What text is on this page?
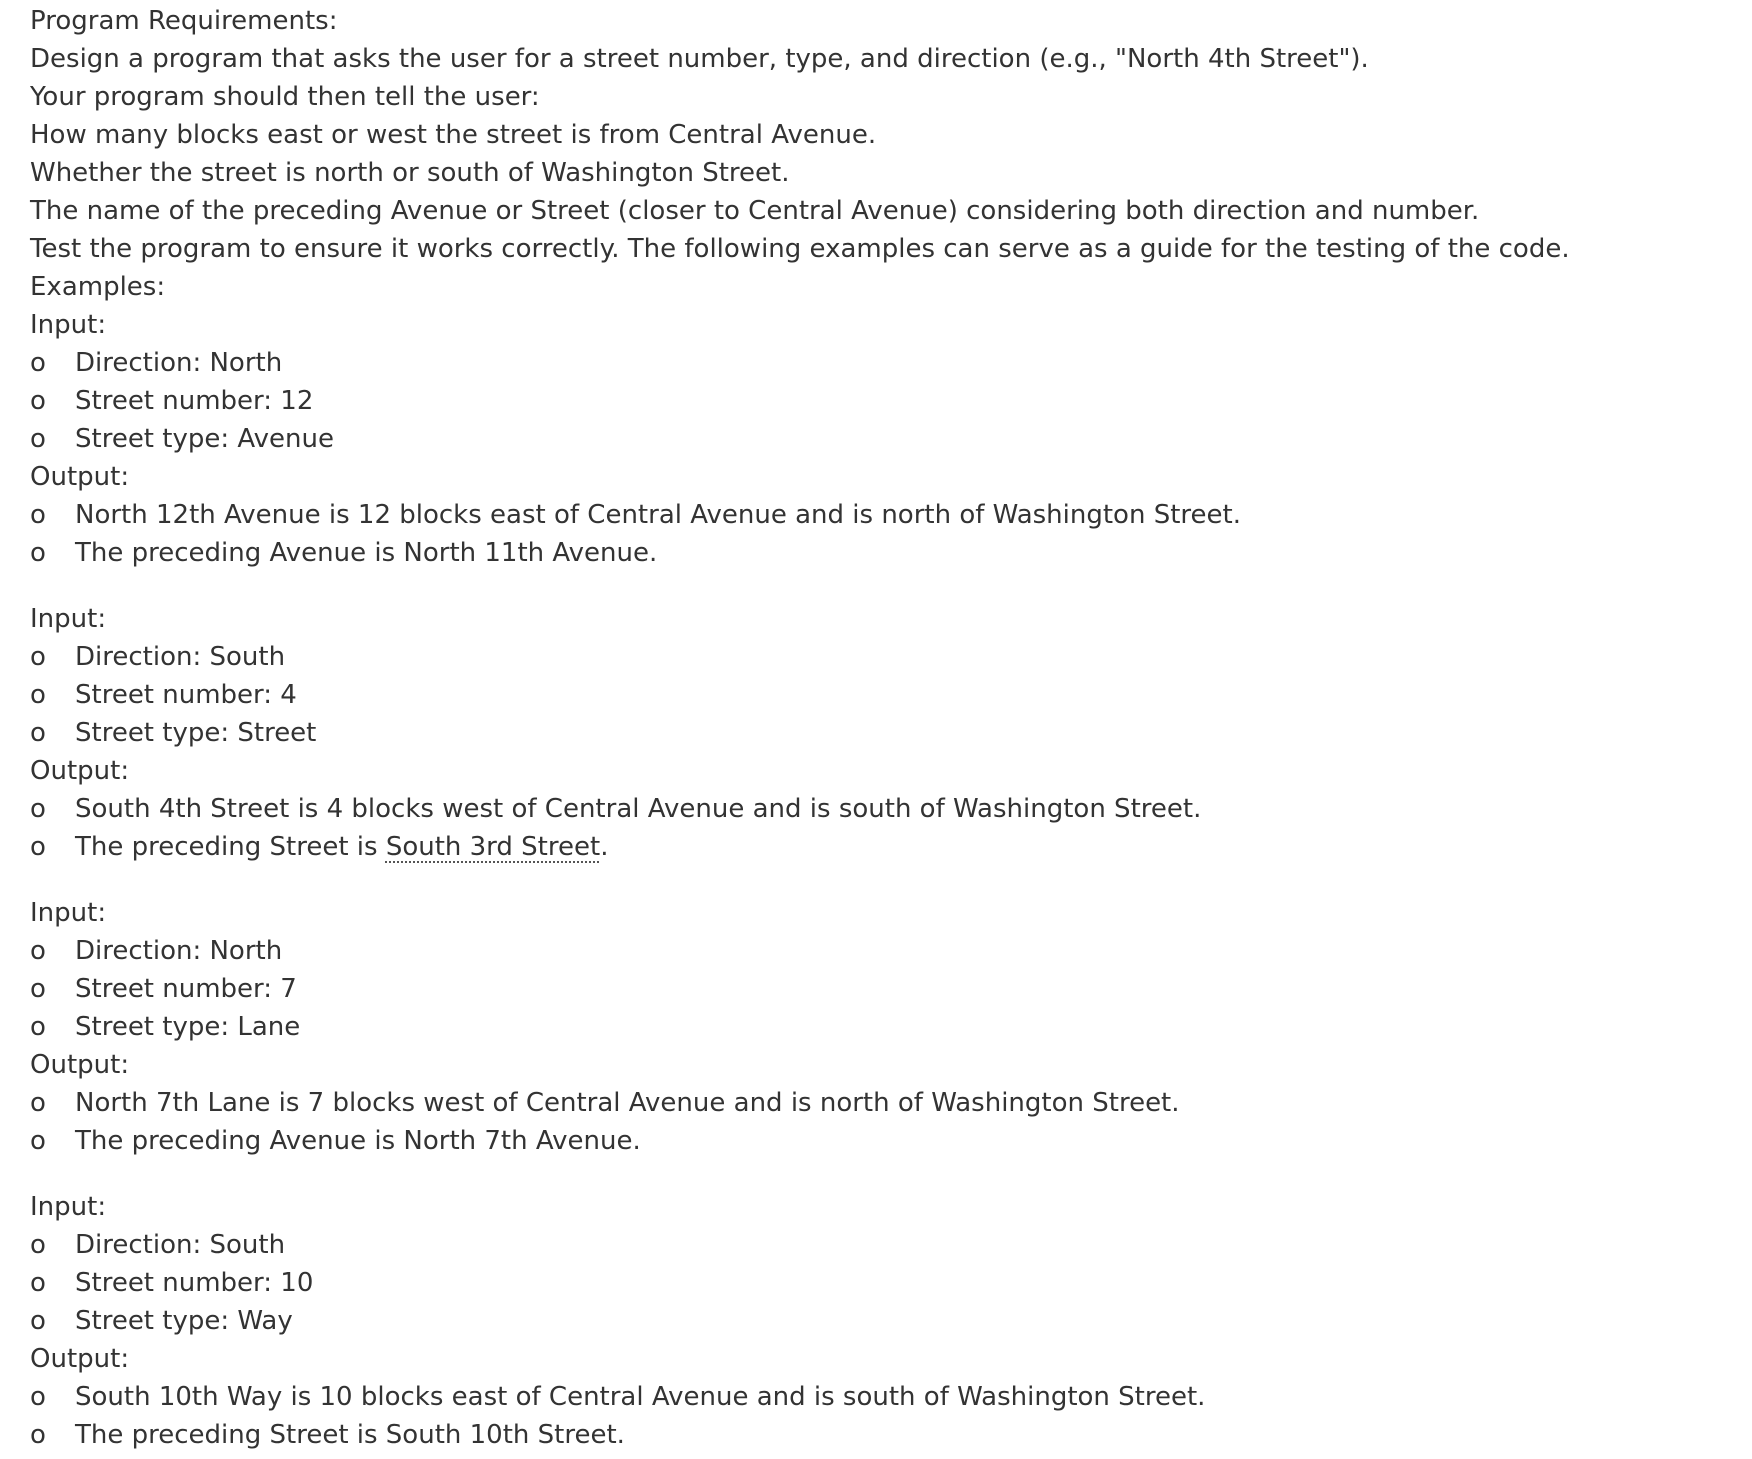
Program Requirements:
Design a program that asks the user for a street number, type, and direction (e.g., "North 4th Street").
Your program should then tell the user:
How many blocks east or west the street is from Central Avenue.
Whether the street is north or south of Washington Street.
The name of the preceding Avenue or Street (closer to Central Avenue) considering both direction and number.
Test the program to ensure it works correctly. The following examples can serve as a guide for the testing of the code.
Examples:
Input:
o Direction: North
o Street number: 12
o Street type: Avenue
Output:
o North 12th Avenue is 12 blocks east of Central Avenue and is north of Washington Street.
o The preceding Avenue is North 11th Avenue.
Input:
o Direction: South
o Street number: 4
o Street type: Street
Output:
o South 4th Street is 4 blocks west of Central Avenue and is south of Washington Street.
o The preceding Street is South 3rd Street.
Input:
o Direction: North
o Street number: 7
o Street type: Lane
Output:
o North 7th Lane is 7 blocks west of Central Avenue and is north of Washington Street.
o The preceding Avenue is North 7th Avenue.
Input:
o Direction: South
o Street number: 10
o Street type: Way
Output:
o South 10th Way is 10 blocks east of Central Avenue and is south of Washington Street.
o The preceding Street is South 10th Street.
